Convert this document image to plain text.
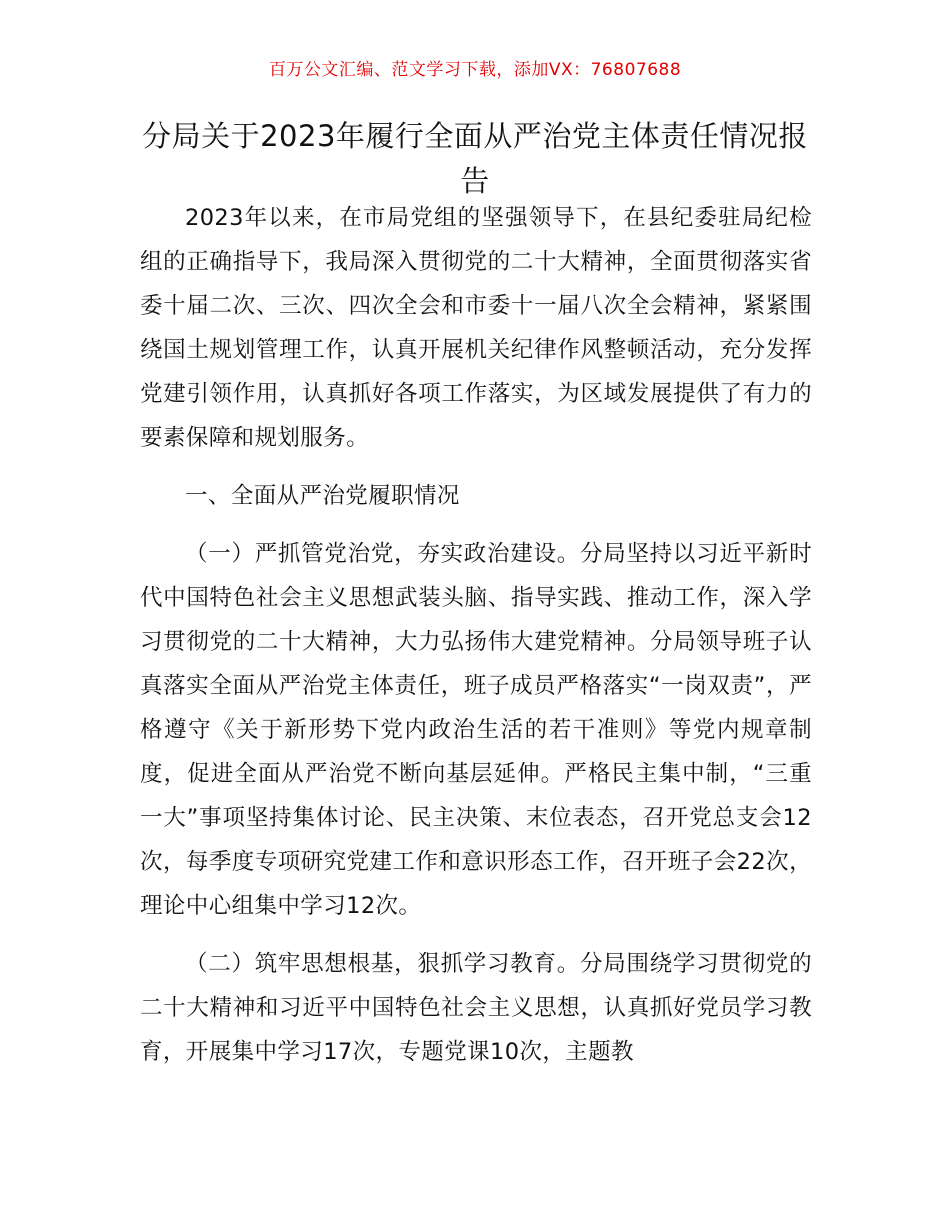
百万公文汇编、范文学习下载，添加VX：76807688
分局关于2023年履行全面从严治党主体责任情况报告

2023年以来，在市局党组的坚强领导下，在县纪委驻局纪检组的正确指导下，我局深入贯彻党的二十大精神，全面贯彻落实省委十届二次、三次、四次全会和市委十一届八次全会精神，紧紧围绕国土规划管理工作，认真开展机关纪律作风整顿活动，充分发挥党建引领作用，认真抓好各项工作落实，为区域发展提供了有力的要素保障和规划服务。

一、全面从严治党履职情况

（一）严抓管党治党，夯实政治建设。分局坚持以习近平新时代中国特色社会主义思想武装头脑、指导实践、推动工作，深入学习贯彻党的二十大精神，大力弘扬伟大建党精神。分局领导班子认真落实全面从严治党主体责任，班子成员严格落实“一岗双责”，严格遵守《关于新形势下党内政治生活的若干准则》等党内规章制度，促进全面从严治党不断向基层延伸。严格民主集中制，“三重一大”事项坚持集体讨论、民主决策、末位表态，召开党总支会12次，每季度专项研究党建工作和意识形态工作，召开班子会22次，理论中心组集中学习12次。

（二）筑牢思想根基，狠抓学习教育。分局围绕学习贯彻党的二十大精神和习近平中国特色社会主义思想，认真抓好党员学习教育，开展集中学习17次，专题党课10次，主题教
